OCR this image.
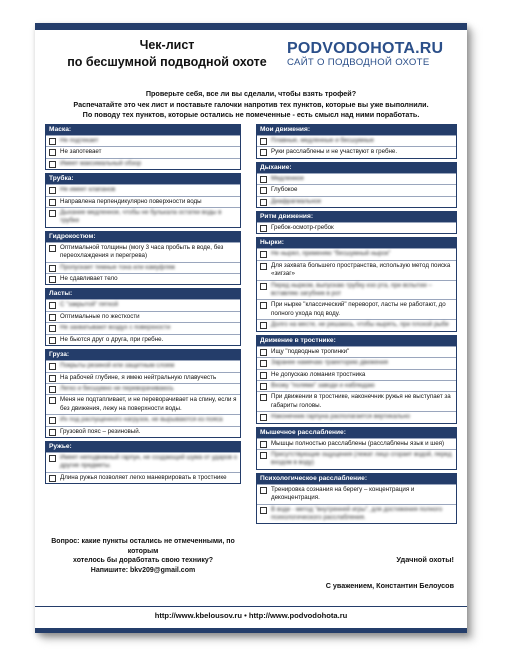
Чек-лист
по бесшумной подводной охоте
PODVODOHOTA.RU
САЙТ О ПОДВОДНОЙ ОХОТЕ
Проверьте себя, все ли вы сделали, чтобы взять трофей?
Распечатайте это чек лист и поставьте галочки напротив тех пунктов, которые вы уже выполнили.
По поводу тех пунктов, которые остались не помеченные - есть смысл над ними поработать.
Маска:
Не подтекает
Не запотевает
Имеет максимальный обзор
Трубка:
Не имеет клапанов
Направлена перпендикулярно поверхности воды
Дыхание медленное, чтобы не булькала остатки воды в трубке
Гидрокостюм:
Оптимальной толщины (могу 3 часа пробыть в воде, без переохлаждения и перегрева)
Пропускает темные тона или камуфляж
Не сдавливает тело
Ласты:
С "закрытой" пяткой
Оптимальные по жесткости
Не захватывают воздух с поверхности
Не бьются друг о друга, при гребне.
Груза:
Покрыты резиной или защитным слоем
На рабочей глубине, я имею нейтральную плавучесть
Легко и бесшумно не переворачиваюсь
Меня не подтапливает, и не переворачивает на спину, если я без движения, лежу на поверхности воды.
Их под распущенного нагрузок, не вырываются из пояса
Грузовой пояс – резиновый.
Ружье:
Имеет неподвижный гарпун, не создающий шума от ударов о другие предметы.
Длина ружья позволяет легко маневрировать в тростнике
Мои движения:
Плавные, медленные и бесшумные
Руки расслаблены и не участвуют в гребне.
Дыхание:
Медленное
Глубокое
Диафрагмальное
Ритм движения:
Гребок-осмотр-гребок
Нырки:
Не нырял, применяю "бесшумный нырок"
Для захвата большего пространства, использую метод поиска «зигзаг»
Перед нырком, выпускаю трубку изо рта, при вспытии – вставляю загубник в рот
При нырке "классический" переворот, ласты не работают, до полного ухода под воду.
Долго на месте, не решаюсь, чтобы нырять, при плохой рыбе
Движение в тростнике:
Ищу "подводные тропинки"
Заранее намечаю траекторию движения
Не допускаю ломания тростника
Вхожу "полями" заводи и наблюдаю
При движении в тростнике, наконечник ружья не выступает за габариты головы.
Наконечник гарпуна располагается вертикально
Мышечное расслабление:
Мышцы полностью расслаблены (расслаблены язык и шея)
Присутствующие ощущения (лежат лицо сгорает водой, перед входом в воду)
Психологическое расслабление:
Тренировка сознания на берегу – концентрация и деконцентрация.
В воде - метод "внутренней игры", для достижения полного психологического расслабления.
Вопрос: какие пункты остались не отмеченными, по которым
хотелось бы доработать свою технику?
Напишите: bkv209@gmail.com
Удачной охоты!
С уважением, Константин Белоусов
http://www.kbelousov.ru • http://www.podvodohota.ru
